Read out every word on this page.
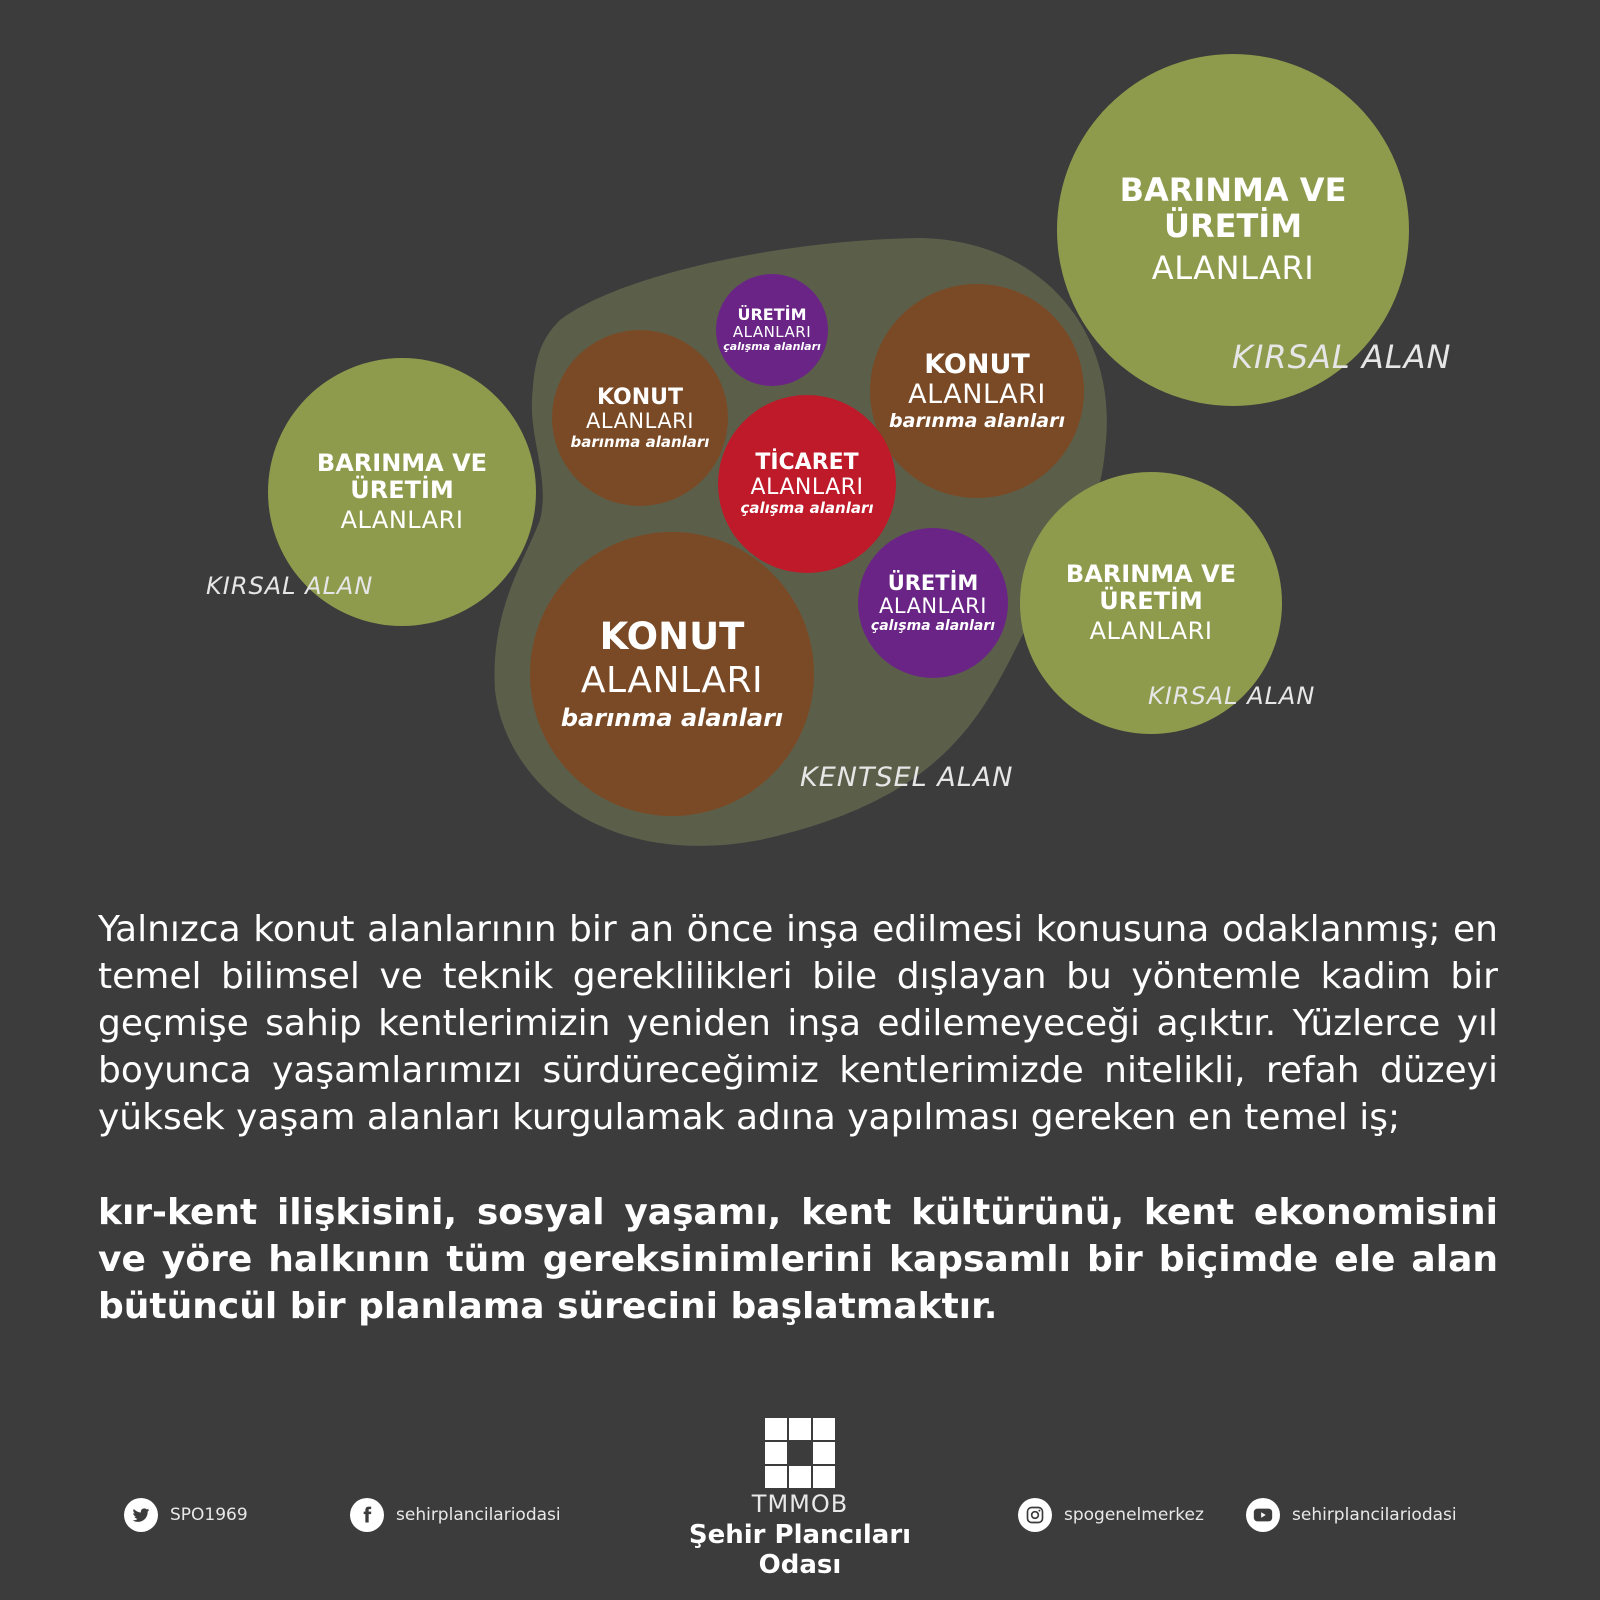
BARINMA VE
ÜRETİM
ALANLARI
KIRSAL ALAN
BARINMA VE
ÜRETİM
ALANLARI
KIRSAL ALAN	BARINMA VE
ÜRETİM
ALANLARI
KIRSAL ALAN
ÜRETİM
ALANLARI
çalışma alanları
KONUT
ALANLARI
barınma alanları
KONUT
ALANLARI
barınma alanları
TİCARET
ALANLARI
çalışma alanları
ÜRETİM
ALANLARI
çalışma alanları
KONUT
ALANLARI
barınma alanları
KENTSEL ALAN

Yalnızca konut alanlarının bir an önce inşa edilmesi konusuna odaklanmış; en temel bilimsel ve teknik gereklilikleri bile dışlayan bu yöntemle kadim bir geçmişe sahip kentlerimizin yeniden inşa edilemeyeceği açıktır. Yüzlerce yıl boyunca yaşamlarımızı sürdüreceğimiz kentlerimizde nitelikli, refah düzeyi yüksek yaşam alanları kurgulamak adına yapılması gereken en temel iş;

kır-kent ilişkisini, sosyal yaşamı, kent kültürünü, kent ekonomisini ve yöre halkının tüm gereksinimlerini kapsamlı bir biçimde ele alan bütüncül bir planlama sürecini başlatmaktır.

SPO1969	sehirplancilariodasi	TMMOB
Şehir Plancıları Odası
spogenelmerkez	sehirplancilariodasi
